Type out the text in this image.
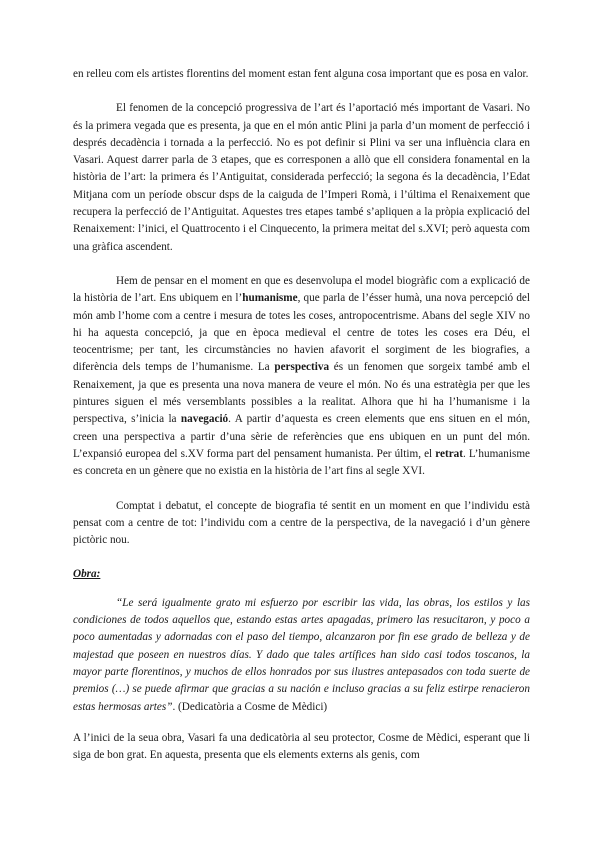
en relleu com els artistes florentins del moment estan fent alguna cosa important que es posa en valor.

El fenomen de la concepció progressiva de l’art és l’aportació més important de Vasari. No és la primera vegada que es presenta, ja que en el món antic Plini ja parla d’un moment de perfecció i després decadència i tornada a la perfecció. No es pot definir si Plini va ser una influència clara en Vasari. Aquest darrer parla de 3 etapes, que es corresponen a allò que ell considera fonamental en la història de l’art: la primera és l’Antiguitat, considerada perfecció; la segona és la decadència, l’Edat Mitjana com un període obscur dsps de la caiguda de l’Imperi Romà, i l’última el Renaixement que recupera la perfecció de l’Antiguitat. Aquestes tres etapes també s’apliquen a la pròpia explicació del Renaixement: l’inici, el Quattrocento i el Cinquecento, la primera meitat del s.XVI; però aquesta com una gràfica ascendent.

Hem de pensar en el moment en que es desenvolupa el model biogràfic com a explicació de la història de l’art. Ens ubiquem en l’humanisme, que parla de l’ésser humà, una nova percepció del món amb l’home com a centre i mesura de totes les coses, antropocentrisme. Abans del segle XIV no hi ha aquesta concepció, ja que en època medieval el centre de totes les coses era Déu, el teocentrisme; per tant, les circumstàncies no havien afavorit el sorgiment de les biografies, a diferència dels temps de l’humanisme. La perspectiva és un fenomen que sorgeix també amb el Renaixement, ja que es presenta una nova manera de veure el món. No és una estratègia per que les pintures siguen el més versemblants possibles a la realitat. Alhora que hi ha l’humanisme i la perspectiva, s’inicia la navegació. A partir d’aquesta es creen elements que ens situen en el món, creen una perspectiva a partir d’una sèrie de referències que ens ubiquen en un punt del món. L’expansió europea del s.XV forma part del pensament humanista. Per últim, el retrat. L’humanisme es concreta en un gènere que no existia en la història de l’art fins al segle XVI.

Comptat i debatut, el concepte de biografia té sentit en un moment en que l’individu està pensat com a centre de tot: l’individu com a centre de la perspectiva, de la navegació i d’un gènere pictòric nou.

Obra:

“Le será igualmente grato mi esfuerzo por escribir las vida, las obras, los estilos y las condiciones de todos aquellos que, estando estas artes apagadas, primero las resucitaron, y poco a poco aumentadas y adornadas con el paso del tiempo, alcanzaron por fin ese grado de belleza y de majestad que poseen en nuestros días. Y dado que tales artífices han sido casi todos toscanos, la mayor parte florentinos, y muchos de ellos honrados por sus ilustres antepasados con toda suerte de premios (…) se puede afirmar que gracias a su nación e incluso gracias a su feliz estirpe renacieron estas hermosas artes”. (Dedicatòria a Cosme de Mèdici)

A l’inici de la seua obra, Vasari fa una dedicatòria al seu protector, Cosme de Mèdici, esperant que li siga de bon grat. En aquesta, presenta que els elements externs als genis, com
